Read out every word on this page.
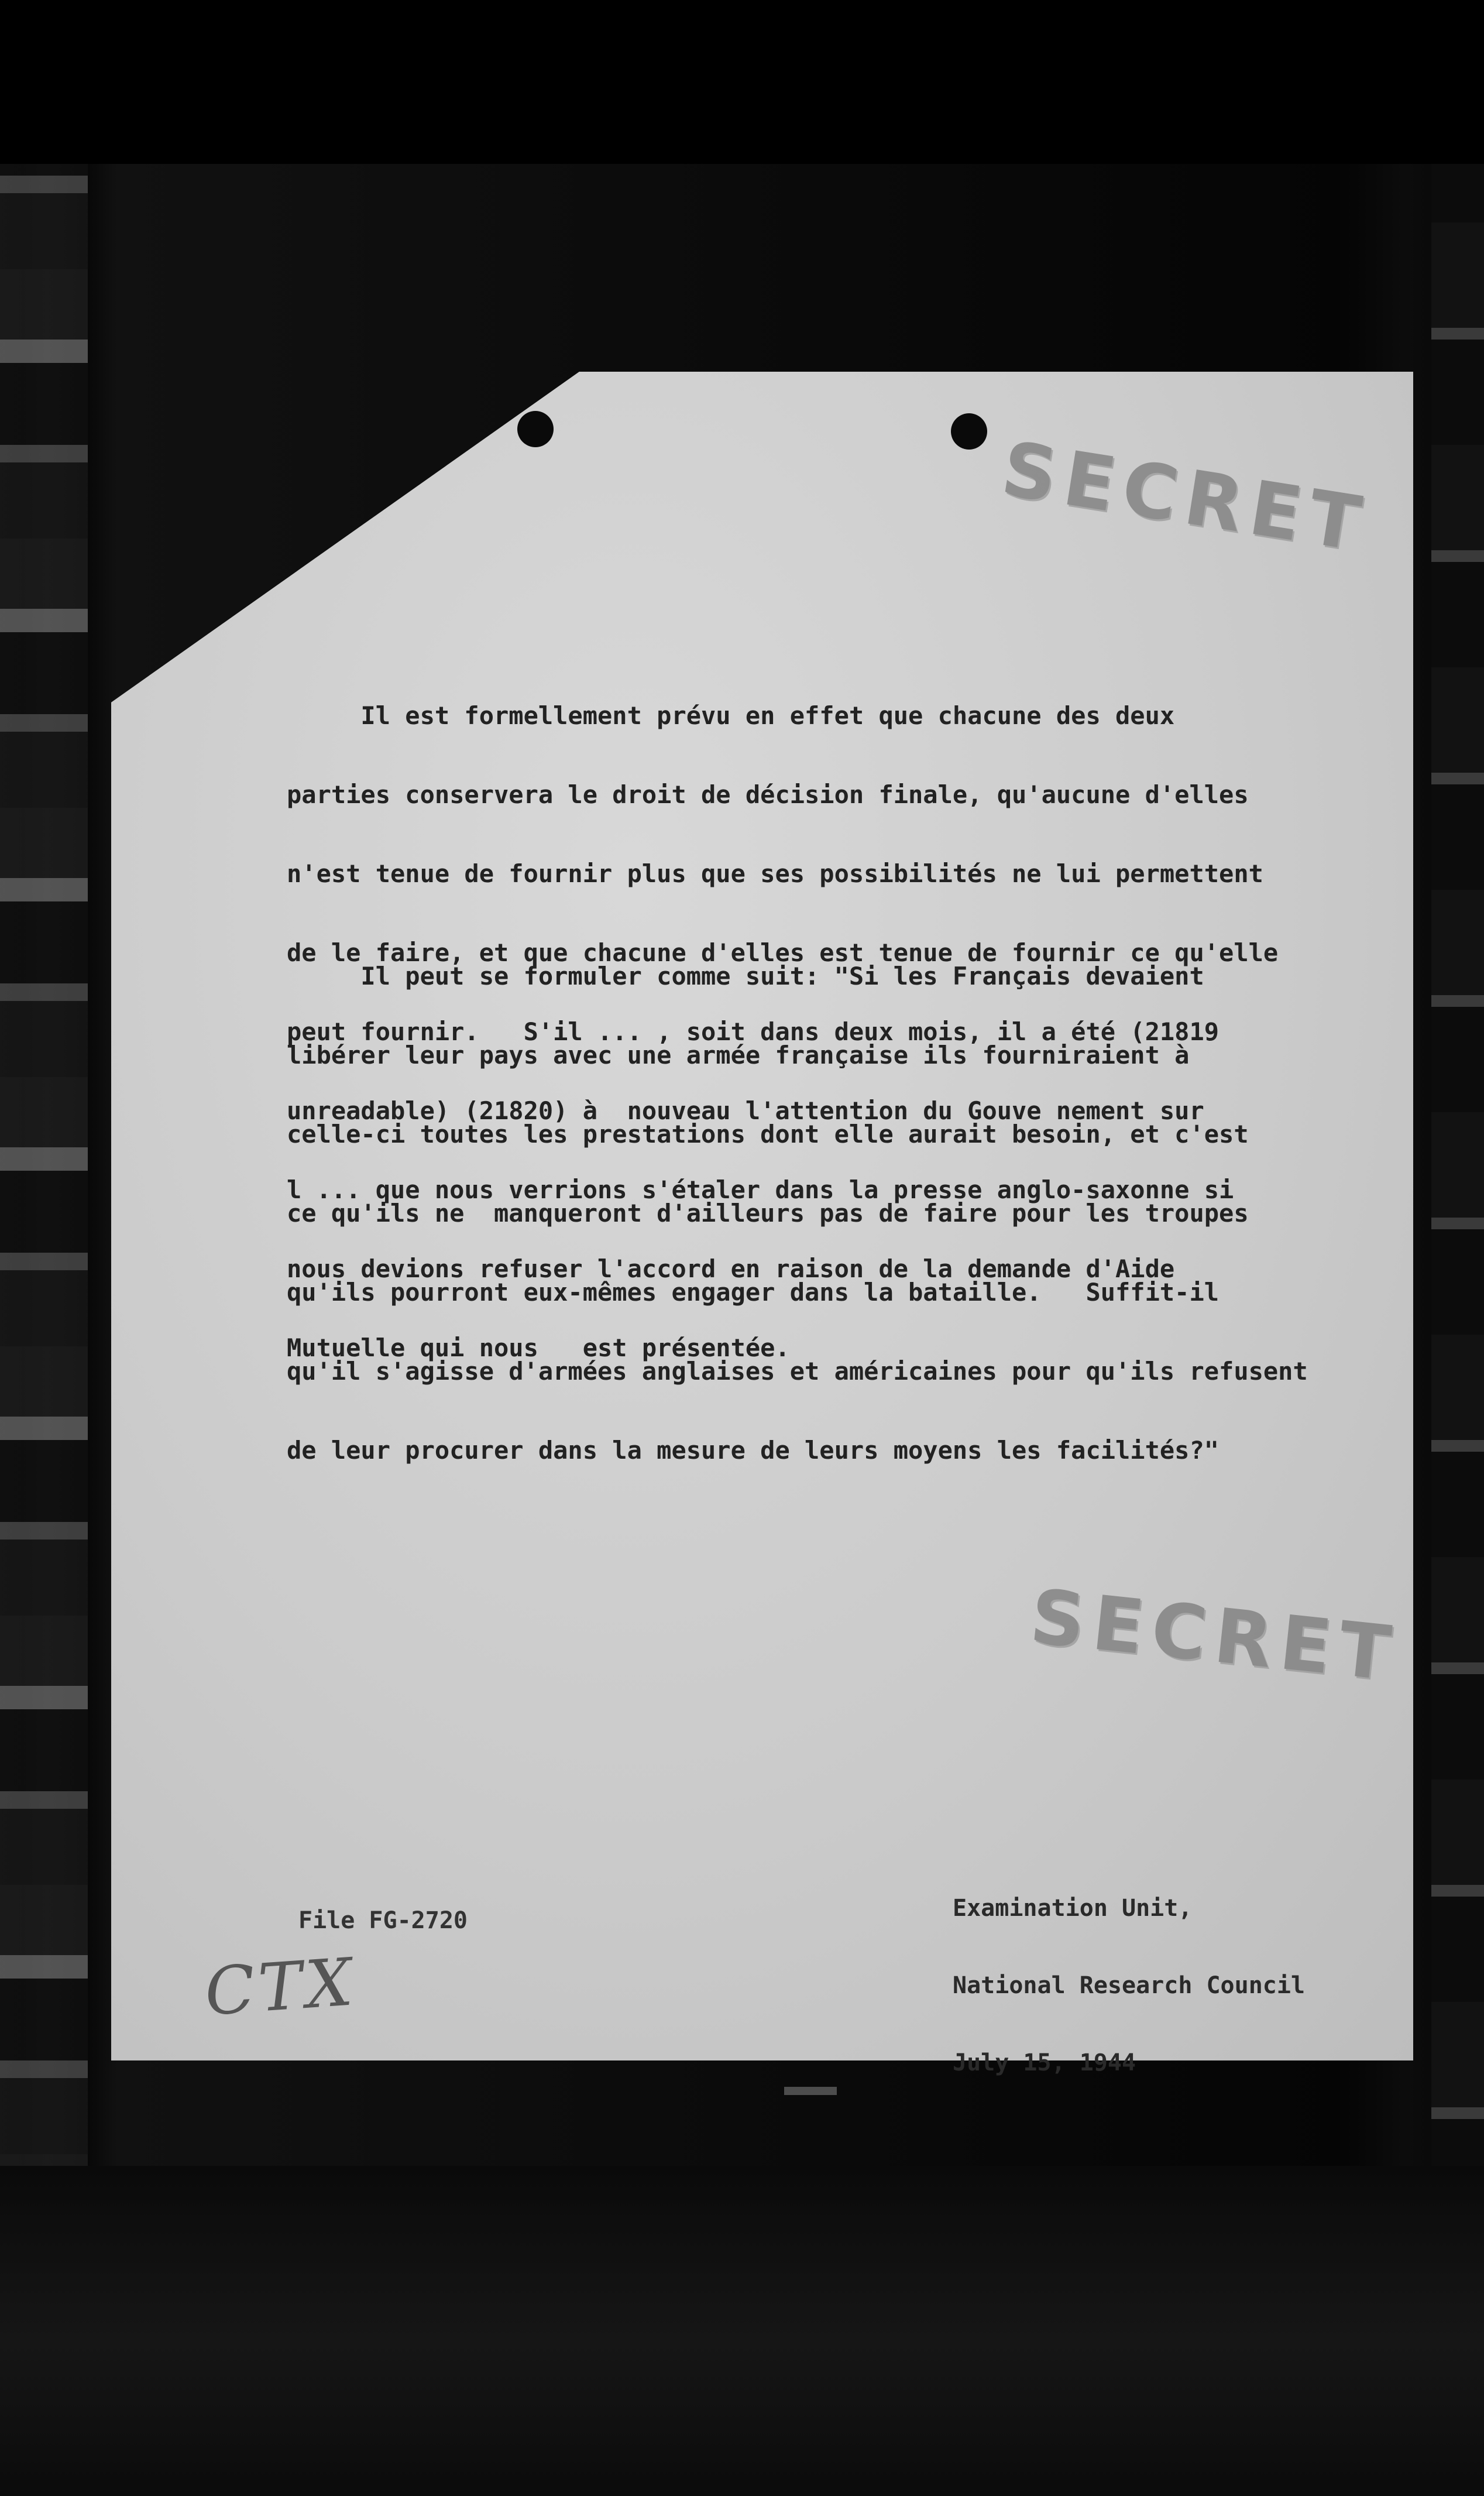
SECRET

Il est formellement prévu en effet que chacune des deux

parties conservera le droit de décision finale, qu'aucune d'elles

n'est tenue de fournir plus que ses possibilités ne lui permettent

de le faire, et que chacune d'elles est tenue de fournir ce qu'elle

peut fournir.   S'il ... , soit dans deux mois, il a été (21819

unreadable) (21820) à  nouveau l'attention du Gouve nement sur

l ... que nous verrions s'étaler dans la presse anglo-saxonne si

nous devions refuser l'accord en raison de la demande d'Aide

Mutuelle qui nous   est présentée.

Il peut se formuler comme suit: "Si les Français devaient

libérer leur pays avec une armée française ils fourniraient à

celle-ci toutes les prestations dont elle aurait besoin, et c'est

ce qu'ils ne  manqueront d'ailleurs pas de faire pour les troupes

qu'ils pourront eux-mêmes engager dans la bataille.   Suffit-il

qu'il s'agisse d'armées anglaises et américaines pour qu'ils refusent

de leur procurer dans la mesure de leurs moyens les facilités?"

SECRET

Examination Unit,

National Research Council

July 15, 1944

File FG-2720
CTX
